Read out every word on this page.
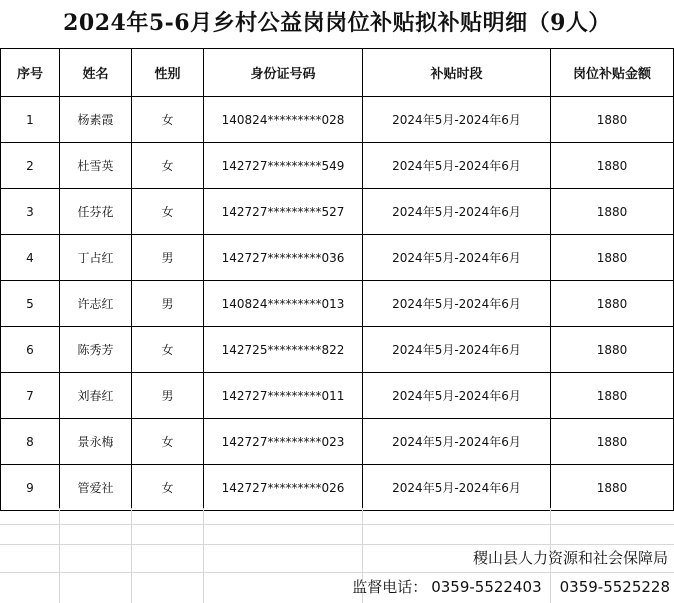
2024年5-6月乡村公益岗岗位补贴拟补贴明细（9人）
序号	姓名	性别	身份证号码	补贴时段	岗位补贴金额
1	杨素霞	女	140824*********028	2024年5月-2024年6月	1880
2	杜雪英	女	142727*********549	2024年5月-2024年6月	1880
3	任芬花	女	142727*********527	2024年5月-2024年6月	1880
4	丁占红	男	142727*********036	2024年5月-2024年6月	1880
5	许志红	男	140824*********013	2024年5月-2024年6月	1880
6	陈秀芳	女	142725*********822	2024年5月-2024年6月	1880
7	刘春红	男	142727*********011	2024年5月-2024年6月	1880
8	景永梅	女	142727*********023	2024年5月-2024年6月	1880
9	管爱社	女	142727*********026	2024年5月-2024年6月	1880
稷山县人力资源和社会保障局
监督电话： 0359-5522403 0359-5525228
